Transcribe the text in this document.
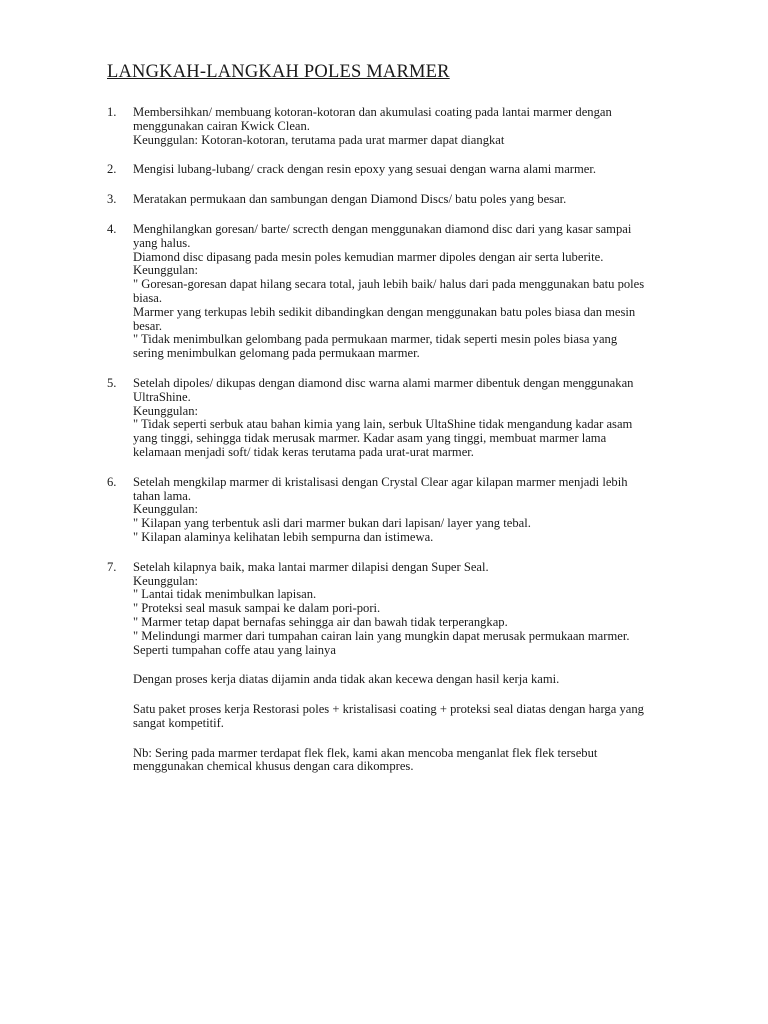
LANGKAH-LANGKAH POLES MARMER
1.	Membersihkan/ membuang kotoran-kotoran dan akumulasi coating pada lantai marmer dengan
menggunakan cairan Kwick Clean.
Keunggulan: Kotoran-kotoran, terutama pada urat marmer dapat diangkat
2.	Mengisi lubang-lubang/ crack dengan resin epoxy yang sesuai dengan warna alami marmer.
3.	Meratakan permukaan dan sambungan dengan Diamond Discs/ batu poles yang besar.
4.	Menghilangkan goresan/ barte/ screcth dengan menggunakan diamond disc dari yang kasar sampai
yang halus.
Diamond disc dipasang pada mesin poles kemudian marmer dipoles dengan air serta luberite.
Keunggulan:
" Goresan-goresan dapat hilang secara total, jauh lebih baik/ halus dari pada menggunakan batu poles
biasa.
Marmer yang terkupas lebih sedikit dibandingkan dengan menggunakan batu poles biasa dan mesin
besar.
" Tidak menimbulkan gelombang pada permukaan marmer, tidak seperti mesin poles biasa yang
sering menimbulkan gelomang pada permukaan marmer.
5.	Setelah dipoles/ dikupas dengan diamond disc warna alami marmer dibentuk dengan menggunakan
UltraShine.
Keunggulan:
" Tidak seperti serbuk atau bahan kimia yang lain, serbuk UltaShine tidak mengandung kadar asam
yang tinggi, sehingga tidak merusak marmer. Kadar asam yang tinggi, membuat marmer lama
kelamaan menjadi soft/ tidak keras terutama pada urat-urat marmer.
6.	Setelah mengkilap marmer di kristalisasi dengan Crystal Clear agar kilapan marmer menjadi lebih
tahan lama.
Keunggulan:
" Kilapan yang terbentuk asli dari marmer bukan dari lapisan/ layer yang tebal.
" Kilapan alaminya kelihatan lebih sempurna dan istimewa.
7.	Setelah kilapnya baik, maka lantai marmer dilapisi dengan Super Seal.
Keunggulan:
" Lantai tidak menimbulkan lapisan.
" Proteksi seal masuk sampai ke dalam pori-pori.
" Marmer tetap dapat bernafas sehingga air dan bawah tidak terperangkap.
" Melindungi marmer dari tumpahan cairan lain yang mungkin dapat merusak permukaan marmer.
Seperti tumpahan coffe atau yang lainya
Dengan proses kerja diatas dijamin anda tidak akan kecewa dengan hasil kerja kami.
Satu paket proses kerja Restorasi poles + kristalisasi coating + proteksi seal diatas dengan harga yang
sangat kompetitif.
Nb: Sering pada marmer terdapat flek flek, kami akan mencoba menganlat flek flek tersebut
menggunakan chemical khusus dengan cara dikompres.
